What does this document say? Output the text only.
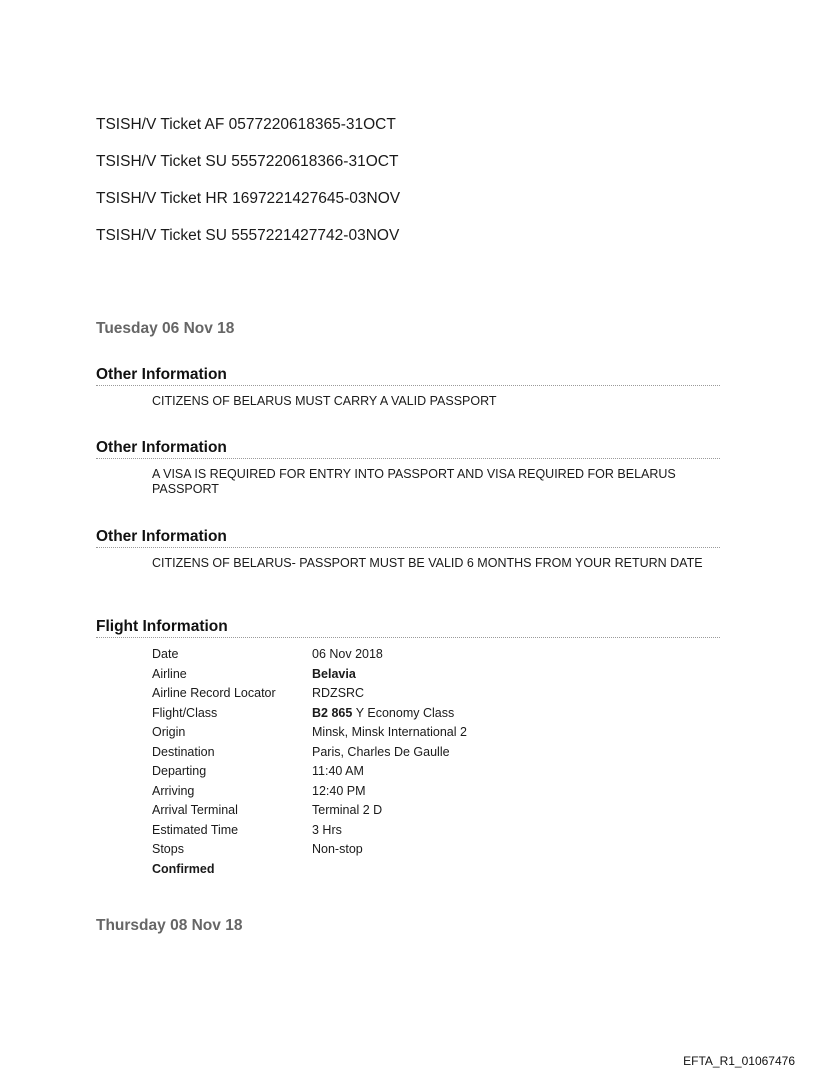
TSISH/V Ticket AF 0577220618365-31OCT
TSISH/V Ticket SU 5557220618366-31OCT
TSISH/V Ticket HR 1697221427645-03NOV
TSISH/V Ticket SU 5557221427742-03NOV
Tuesday 06 Nov 18
Other Information
CITIZENS OF BELARUS MUST CARRY A VALID PASSPORT
Other Information
A VISA IS REQUIRED FOR ENTRY INTO PASSPORT AND VISA REQUIRED FOR BELARUS PASSPORT
Other Information
CITIZENS OF BELARUS- PASSPORT MUST BE VALID 6 MONTHS FROM YOUR RETURN DATE
Flight Information
Date	06 Nov 2018
Airline	Belavia
Airline Record Locator	RDZSRC
Flight/Class	B2 865 Y Economy Class
Origin	Minsk, Minsk International 2
Destination	Paris, Charles De Gaulle
Departing	11:40 AM
Arriving	12:40 PM
Arrival Terminal	Terminal 2 D
Estimated Time	3 Hrs
Stops	Non-stop
Confirmed
Thursday 08 Nov 18
EFTA_R1_01067476
